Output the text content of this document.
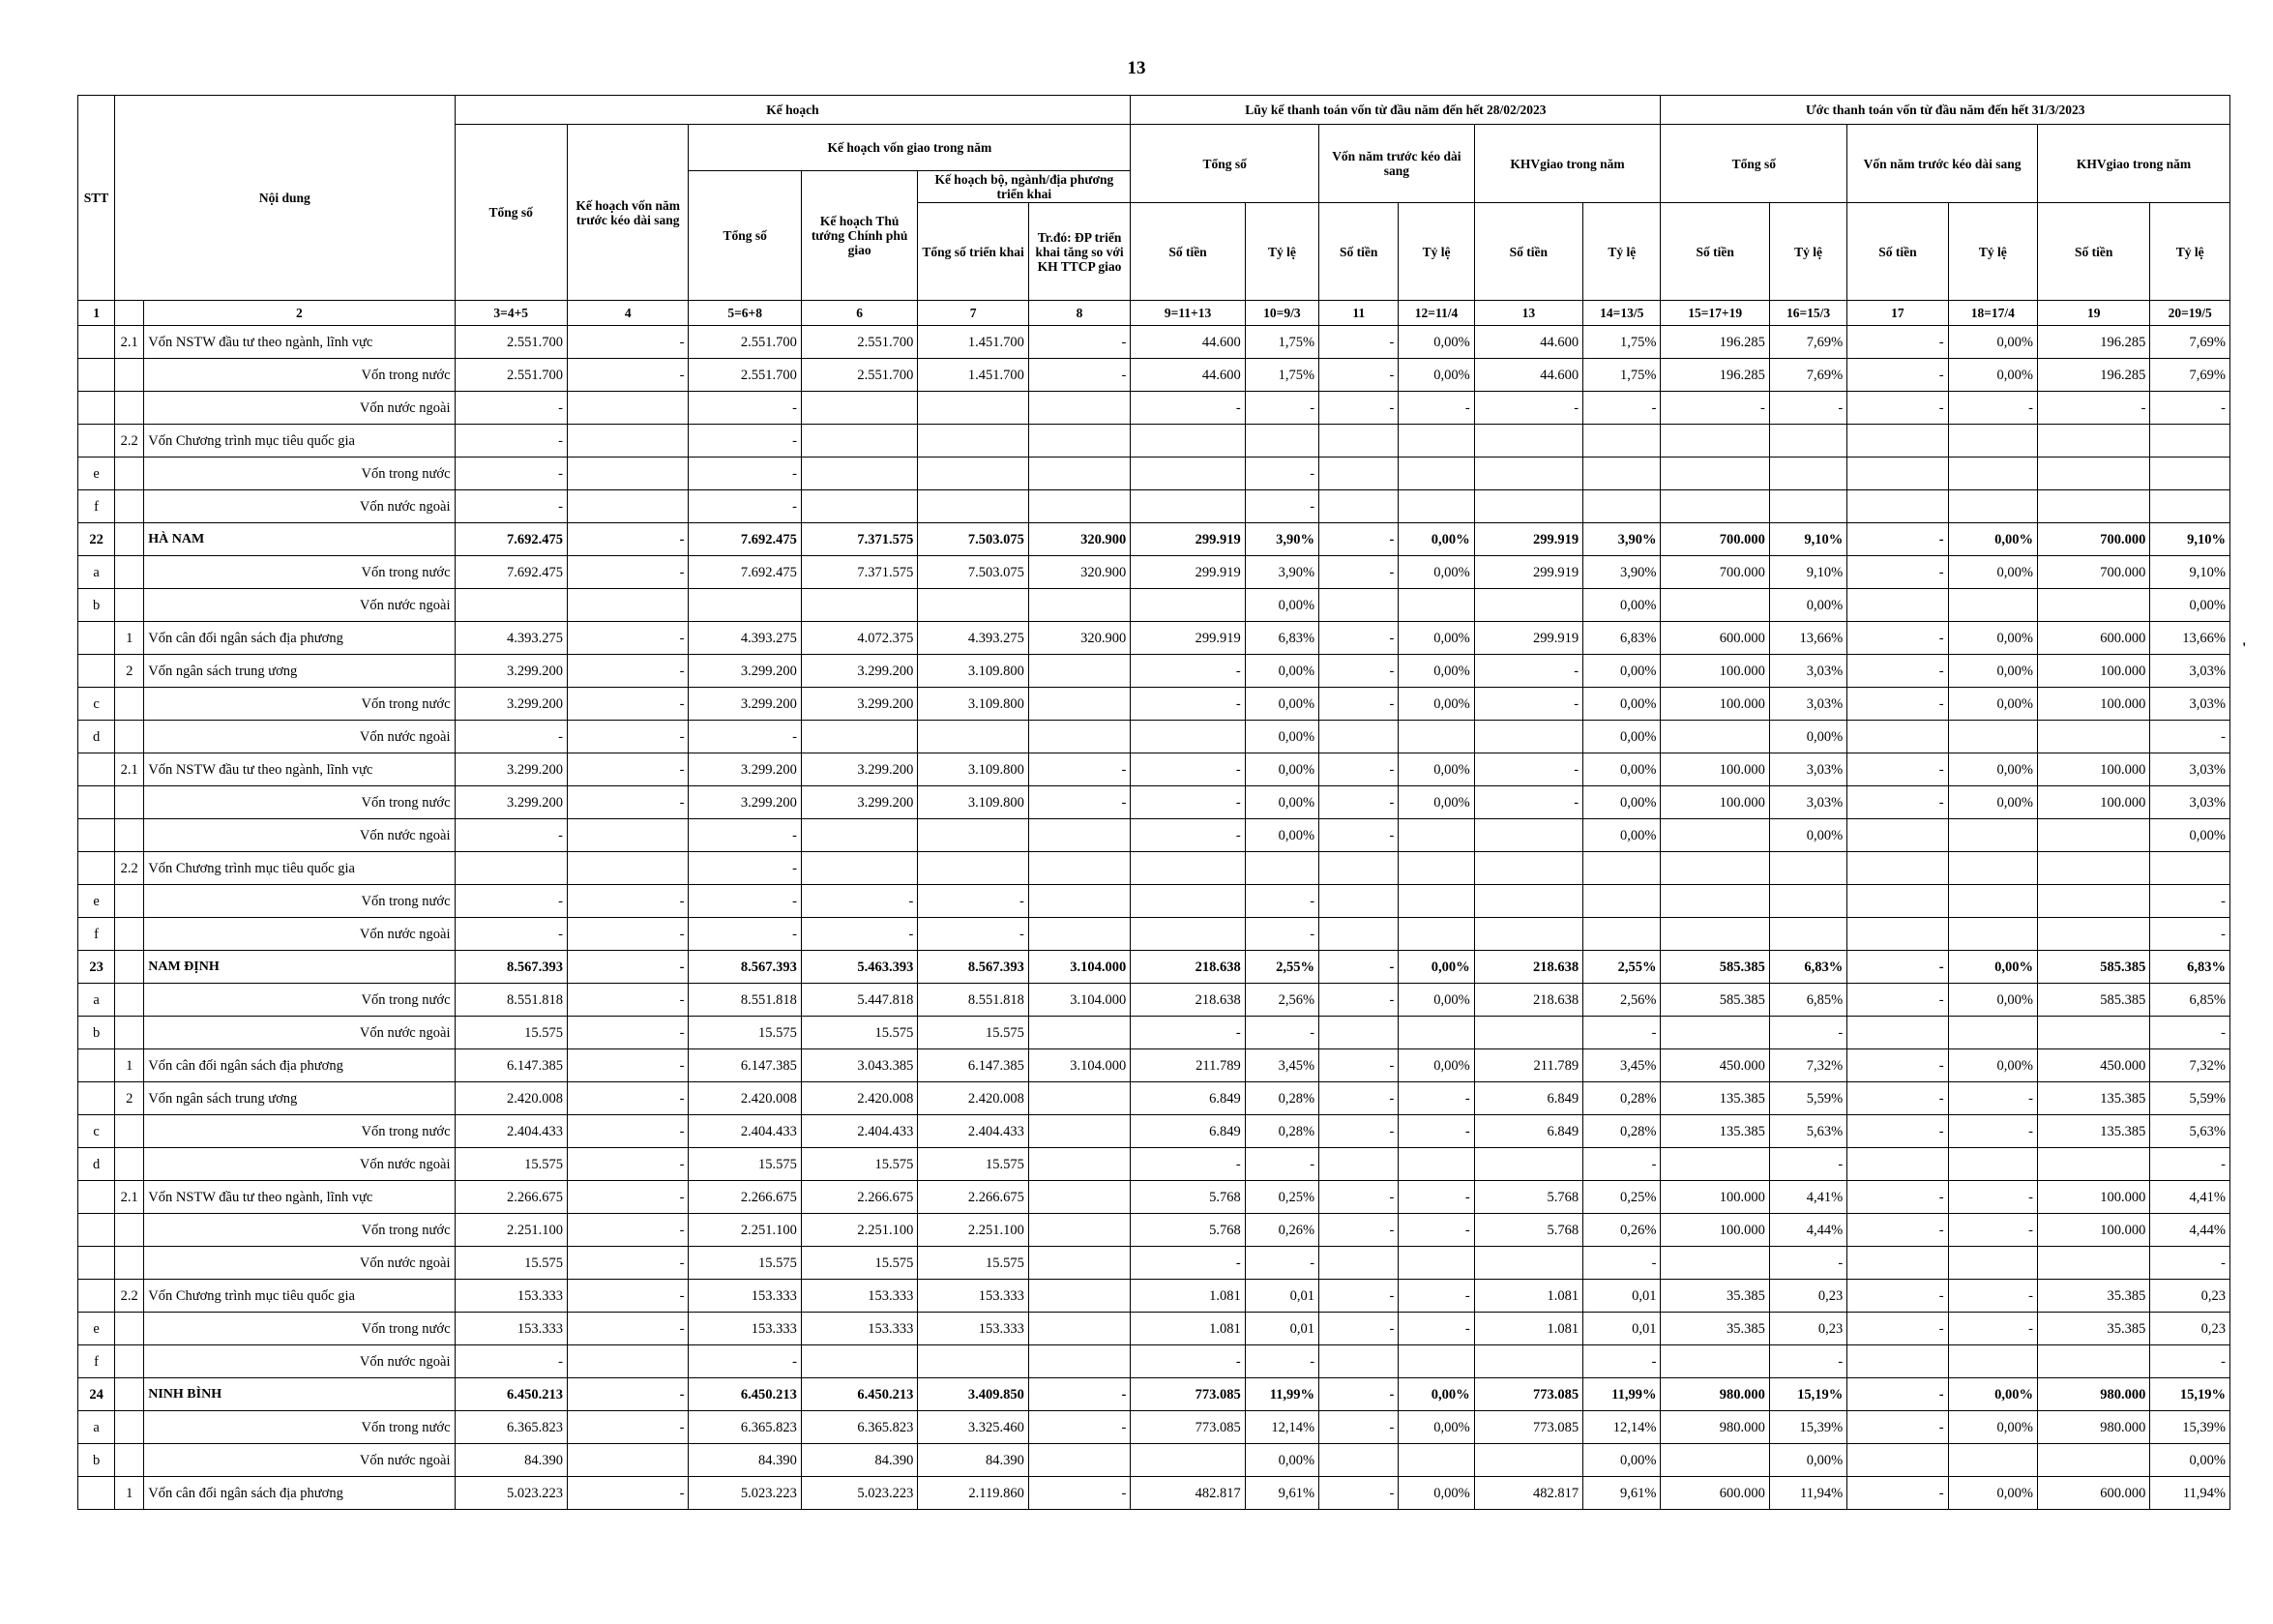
13
STT	Nội dung		Kế hoạch						Lũy kế thanh toán vốn từ đầu năm đến hết 28/02/2023						Ước thanh toán vốn từ đầu năm đến hết 31/3/2023					
			Tổng số	Kế hoạch vốn năm trước kéo dài sang	Kế hoạch vốn giao trong năm				Tổng số		Vốn năm trước kéo dài sang		KHVgiao trong năm		Tổng số		Vốn năm trước kéo dài sang		KHVgiao trong năm	
					Tổng số	Kế hoạch Thủ tướng Chính phủ giao	Kế hoạch bộ, ngành/địa phương triển khai													
							Tổng số triển khai	Tr.đó: ĐP triển khai tăng so với KH TTCP giao	Số tiền	Tỷ lệ	Số tiền	Tỷ lệ	Số tiền	Tỷ lệ	Số tiền	Tỷ lệ	Số tiền	Tỷ lệ	Số tiền	Tỷ lệ
1		2	3=4+5	4	5=6+8	6	7	8	9=11+13	10=9/3	11	12=11/4	13	14=13/5	15=17+19	16=15/3	17	18=17/4	19	20=19/5
	2.1	Vốn NSTW đầu tư theo ngành, lĩnh vực	2.551.700	-	2.551.700	2.551.700	1.451.700	-	44.600	1,75%	-	0,00%	44.600	1,75%	196.285	7,69%	-	0,00%	196.285	7,69%
		Vốn trong nước	2.551.700	-	2.551.700	2.551.700	1.451.700	-	44.600	1,75%	-	0,00%	44.600	1,75%	196.285	7,69%	-	0,00%	196.285	7,69%
		Vốn nước ngoài	-		-				-	-	-	-	-	-	-	-	-	-	-	-
	2.2	Vốn Chương trình mục tiêu quốc gia	-		-															
e		Vốn trong nước	-		-					-										
f		Vốn nước ngoài	-		-					-										
22		HÀ NAM	7.692.475	-	7.692.475	7.371.575	7.503.075	320.900	299.919	3,90%	-	0,00%	299.919	3,90%	700.000	9,10%	-	0,00%	700.000	9,10%
a		Vốn trong nước	7.692.475	-	7.692.475	7.371.575	7.503.075	320.900	299.919	3,90%	-	0,00%	299.919	3,90%	700.000	9,10%	-	0,00%	700.000	9,10%
b		Vốn nước ngoài								0,00%				0,00%		0,00%				0,00%
	1	Vốn cân đối ngân sách địa phương	4.393.275	-	4.393.275	4.072.375	4.393.275	320.900	299.919	6,83%	-	0,00%	299.919	6,83%	600.000	13,66%	-	0,00%	600.000	13,66%
	2	Vốn ngân sách trung ương	3.299.200	-	3.299.200	3.299.200	3.109.800		-	0,00%	-	0,00%	-	0,00%	100.000	3,03%	-	0,00%	100.000	3,03%
c		Vốn trong nước	3.299.200	-	3.299.200	3.299.200	3.109.800		-	0,00%	-	0,00%	-	0,00%	100.000	3,03%	-	0,00%	100.000	3,03%
d		Vốn nước ngoài	-	-	-					0,00%				0,00%		0,00%				-
	2.1	Vốn NSTW đầu tư theo ngành, lĩnh vực	3.299.200	-	3.299.200	3.299.200	3.109.800	-	-	0,00%	-	0,00%	-	0,00%	100.000	3,03%	-	0,00%	100.000	3,03%
		Vốn trong nước	3.299.200	-	3.299.200	3.299.200	3.109.800	-	-	0,00%	-	0,00%	-	0,00%	100.000	3,03%	-	0,00%	100.000	3,03%
		Vốn nước ngoài	-		-				-	0,00%	-			0,00%		0,00%				0,00%
	2.2	Vốn Chương trình mục tiêu quốc gia			-															
e		Vốn trong nước	-	-	-	-	-			-										-
f		Vốn nước ngoài	-	-	-	-	-			-										-
23		NAM ĐỊNH	8.567.393	-	8.567.393	5.463.393	8.567.393	3.104.000	218.638	2,55%	-	0,00%	218.638	2,55%	585.385	6,83%	-	0,00%	585.385	6,83%
a		Vốn trong nước	8.551.818	-	8.551.818	5.447.818	8.551.818	3.104.000	218.638	2,56%	-	0,00%	218.638	2,56%	585.385	6,85%	-	0,00%	585.385	6,85%
b		Vốn nước ngoài	15.575	-	15.575	15.575	15.575		-	-				-		-				-
	1	Vốn cân đối ngân sách địa phương	6.147.385	-	6.147.385	3.043.385	6.147.385	3.104.000	211.789	3,45%	-	0,00%	211.789	3,45%	450.000	7,32%	-	0,00%	450.000	7,32%
	2	Vốn ngân sách trung ương	2.420.008	-	2.420.008	2.420.008	2.420.008		6.849	0,28%	-	-	6.849	0,28%	135.385	5,59%	-	-	135.385	5,59%
c		Vốn trong nước	2.404.433	-	2.404.433	2.404.433	2.404.433		6.849	0,28%	-	-	6.849	0,28%	135.385	5,63%	-	-	135.385	5,63%
d		Vốn nước ngoài	15.575	-	15.575	15.575	15.575		-	-				-		-				-
	2.1	Vốn NSTW đầu tư theo ngành, lĩnh vực	2.266.675	-	2.266.675	2.266.675	2.266.675		5.768	0,25%	-	-	5.768	0,25%	100.000	4,41%	-	-	100.000	4,41%
		Vốn trong nước	2.251.100	-	2.251.100	2.251.100	2.251.100		5.768	0,26%	-	-	5.768	0,26%	100.000	4,44%	-	-	100.000	4,44%
		Vốn nước ngoài	15.575	-	15.575	15.575	15.575		-	-				-		-				-
	2.2	Vốn Chương trình mục tiêu quốc gia	153.333	-	153.333	153.333	153.333		1.081	0,01	-	-	1.081	0,01	35.385	0,23	-	-	35.385	0,23
e		Vốn trong nước	153.333	-	153.333	153.333	153.333		1.081	0,01	-	-	1.081	0,01	35.385	0,23	-	-	35.385	0,23
f		Vốn nước ngoài	-		-				-	-				-		-				-
24		NINH BÌNH	6.450.213	-	6.450.213	6.450.213	3.409.850	-	773.085	11,99%	-	0,00%	773.085	11,99%	980.000	15,19%	-	0,00%	980.000	15,19%
a		Vốn trong nước	6.365.823	-	6.365.823	6.365.823	3.325.460	-	773.085	12,14%	-	0,00%	773.085	12,14%	980.000	15,39%	-	0,00%	980.000	15,39%
b		Vốn nước ngoài	84.390		84.390	84.390	84.390			0,00%				0,00%		0,00%				0,00%
	1	Vốn cân đối ngân sách địa phương	5.023.223	-	5.023.223	5.023.223	2.119.860	-	482.817	9,61%	-	0,00%	482.817	9,61%	600.000	11,94%	-	0,00%	600.000	11,94%
'
